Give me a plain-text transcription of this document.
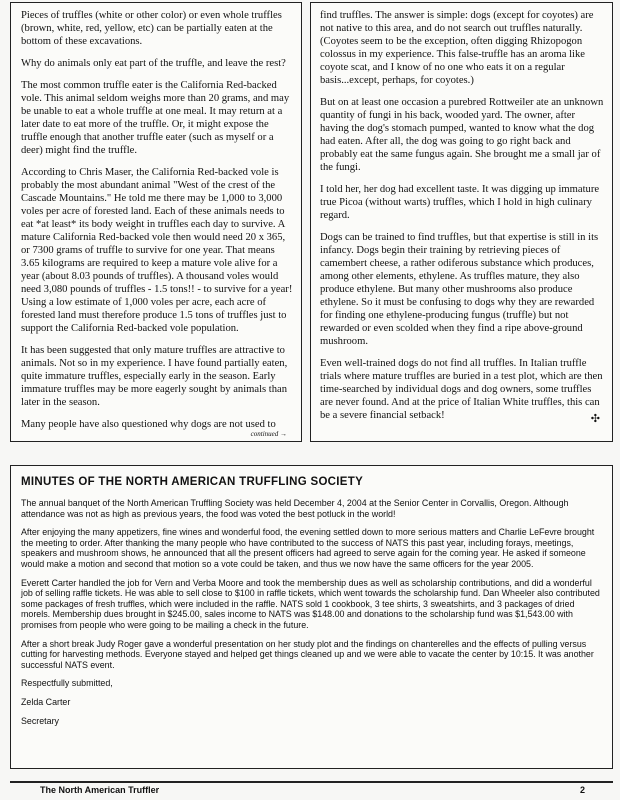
Pieces of truffles (white or other color) or even whole truffles (brown, white, red, yellow, etc) can be partially eaten at the bottom of these excavations.

Why do animals only eat part of the truffle, and leave the rest?

The most common truffle eater is the California Red-backed vole. This animal seldom weighs more than 20 grams, and may be unable to eat a whole truffle at one meal. It may return at a later date to eat more of the truffle. Or, it might expose the truffle enough that another truffle eater (such as myself or a deer) might find the truffle.

According to Chris Maser, the California Red-backed vole is probably the most abundant animal "West of the crest of the Cascade Mountains." He told me there may be 1,000 to 3,000 voles per acre of forested land. Each of these animals needs to eat *at least* its body weight in truffles each day to survive. A mature California Red-backed vole then would need 20 x 365, or 7300 grams of truffle to survive for one year. That means 3.65 kilograms are required to keep a mature vole alive for a year (about 8.03 pounds of truffles). A thousand voles would need 3,080 pounds of truffles - 1.5 tons!! - to survive for a year! Using a low estimate of 1,000 voles per acre, each acre of forested land must therefore produce 1.5 tons of truffles just to support the California Red-backed vole population.

It has been suggested that only mature truffles are attractive to animals. Not so in my experience. I have found partially eaten, quite immature truffles, especially early in the season. Early immature truffles may be more eagerly sought by animals than later in the season.

Many people have also questioned why dogs are not used to

continued →

find truffles. The answer is simple: dogs (except for coyotes) are not native to this area, and do not search out truffles naturally. (Coyotes seem to be the exception, often digging Rhizopogon colossus in my experience. This false-truffle has an aroma like coyote scat, and I know of no one who eats it on a regular basis...except, perhaps, for coyotes.)

But on at least one occasion a purebred Rottweiler ate an unknown quantity of fungi in his back, wooded yard. The owner, after having the dog's stomach pumped, wanted to know what the dog had eaten. After all, the dog was going to go right back and probably eat the same fungus again. She brought me a small jar of the fungi.

I told her, her dog had excellent taste. It was digging up immature true Picoa (without warts) truffles, which I hold in high culinary regard.

Dogs can be trained to find truffles, but that expertise is still in its infancy. Dogs begin their training by retrieving pieces of camembert cheese, a rather odiferous substance which produces, among other elements, ethylene. As truffles mature, they also produce ethylene. But many other mushrooms also produce ethylene. So it must be confusing to dogs why they are rewarded for finding one ethylene-producing fungus (truffle) but not rewarded or even scolded when they find a ripe above-ground mushroom.

Even well-trained dogs do not find all truffles. In Italian truffle trials where mature truffles are buried in a test plot, which are then time-searched by individual dogs and dog owners, some truffles are never found. And at the price of Italian White truffles, this can be a severe financial setback!	✣
MINUTES OF THE NORTH AMERICAN TRUFFLING SOCIETY

The annual banquet of the North American Truffling Society was held December 4, 2004 at the Senior Center in Corvallis, Oregon. Although attendance was not as high as previous years, the food was voted the best potluck in the world!

After enjoying the many appetizers, fine wines and wonderful food, the evening settled down to more serious matters and Charlie LeFevre brought the meeting to order. After thanking the many people who have contributed to the success of NATS this past year, including forays, meetings, speakers and mushroom shows, he announced that all the present officers had agreed to serve again for the coming year. He asked if someone would make a motion and second that motion so a vote could be taken, and thus we now have the same officers for the year 2005.

Everett Carter handled the job for Vern and Verba Moore and took the membership dues as well as scholarship contributions, and did a wonderful job of selling raffle tickets. He was able to sell close to $100 in raffle tickets, which went towards the scholarship fund. Dan Wheeler also contributed some packages of fresh truffles, which were included in the raffle. NATS sold 1 cookbook, 3 tee shirts, 3 sweatshirts, and 3 packages of dried morels. Membership dues brought in $245.00, sales income to NATS was $148.00 and donations to the scholarship fund was $1,543.00 with promises from people who were going to be mailing a check in the future.

After a short break Judy Roger gave a wonderful presentation on her study plot and the findings on chanterelles and the effects of pulling versus cutting for harvesting methods. Everyone stayed and helped get things cleaned up and we were able to vacate the center by 10:15. It was another successful NATS event.

Respectfully submitted,

Zelda Carter

Secretary

The North American Truffler	2
